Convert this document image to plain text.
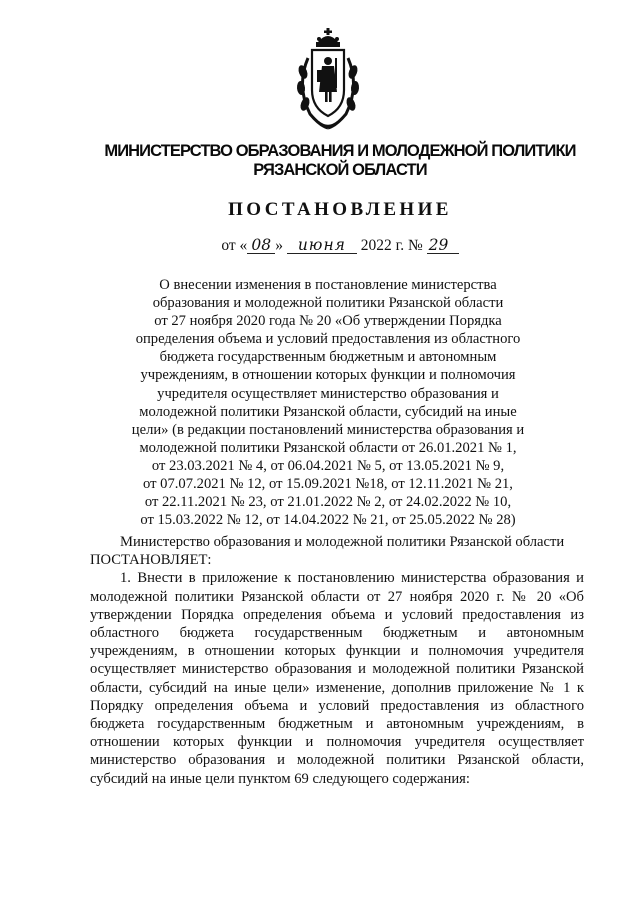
МИНИСТЕРСТВО ОБРАЗОВАНИЯ И МОЛОДЕЖНОЙ ПОЛИТИКИ
РЯЗАНСКОЙ ОБЛАСТИ
ПОСТАНОВЛЕНИЕ
от « 08 » июня 2022 г. № 29
О внесении изменения в постановление министерства
образования и молодежной политики Рязанской области
от 27 ноября 2020 года № 20 «Об утверждении Порядка
определения объема и условий предоставления из областного
бюджета государственным бюджетным и автономным
учреждениям, в отношении которых функции и полномочия
учредителя осуществляет министерство образования и
молодежной политики Рязанской области, субсидий на иные
цели» (в редакции постановлений министерства образования и
молодежной политики Рязанской области от 26.01.2021 № 1,
от 23.03.2021 № 4, от 06.04.2021 № 5, от 13.05.2021 № 9,
от 07.07.2021 № 12, от 15.09.2021 №18, от 12.11.2021 № 21,
от 22.11.2021 № 23, от 21.01.2022 № 2, от 24.02.2022 № 10,
от 15.03.2022 № 12, от 14.04.2022 № 21, от 25.05.2022 № 28)
Министерство образования и молодежной политики Рязанской области
ПОСТАНОВЛЯЕТ:
1. Внести в приложение к постановлению министерства образования и
молодежной политики Рязанской области от 27 ноября 2020 г. № 20 «Об
утверждении Порядка определения объема и условий предоставления из
областного бюджета государственным бюджетным и автономным
учреждениям, в отношении которых функции и полномочия учредителя
осуществляет министерство образования и молодежной политики Рязанской
области, субсидий на иные цели» изменение, дополнив приложение № 1 к
Порядку определения объема и условий предоставления из областного
бюджета государственным бюджетным и автономным учреждениям, в
отношении которых функции и полномочия учредителя осуществляет
министерство образования и молодежной политики Рязанской области,
субсидий на иные цели пунктом 69 следующего содержания:
